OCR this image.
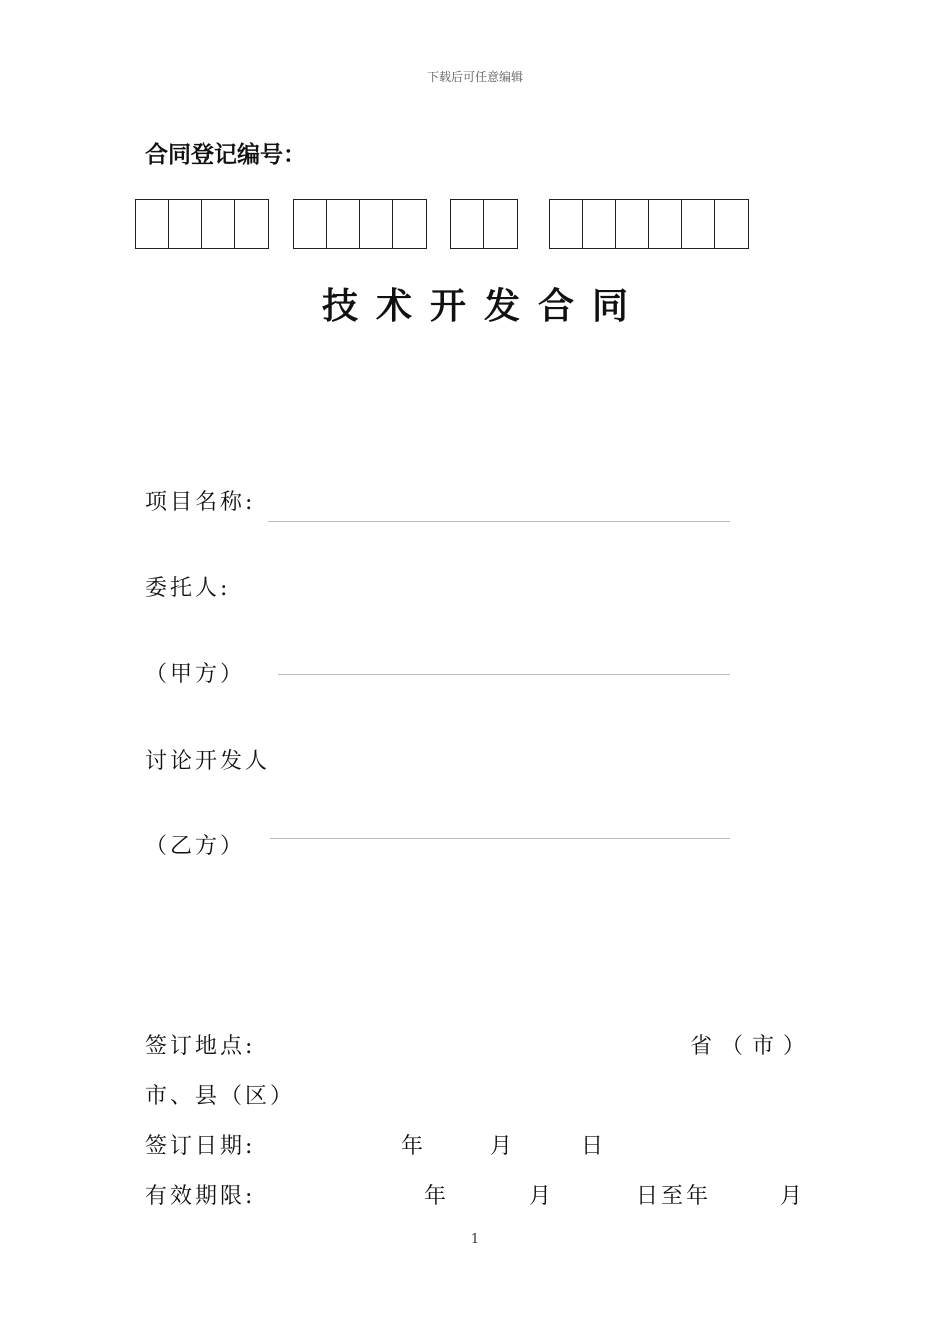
下载后可任意编辑
合同登记编号：
技术开发合同
项目名称:
委托人:
（甲方）
讨论开发人
（乙方）
签订地点:	省（市）
市、县（区）
签订日期:	年	月	日
有效期限:	年	月	日至年	月
1
